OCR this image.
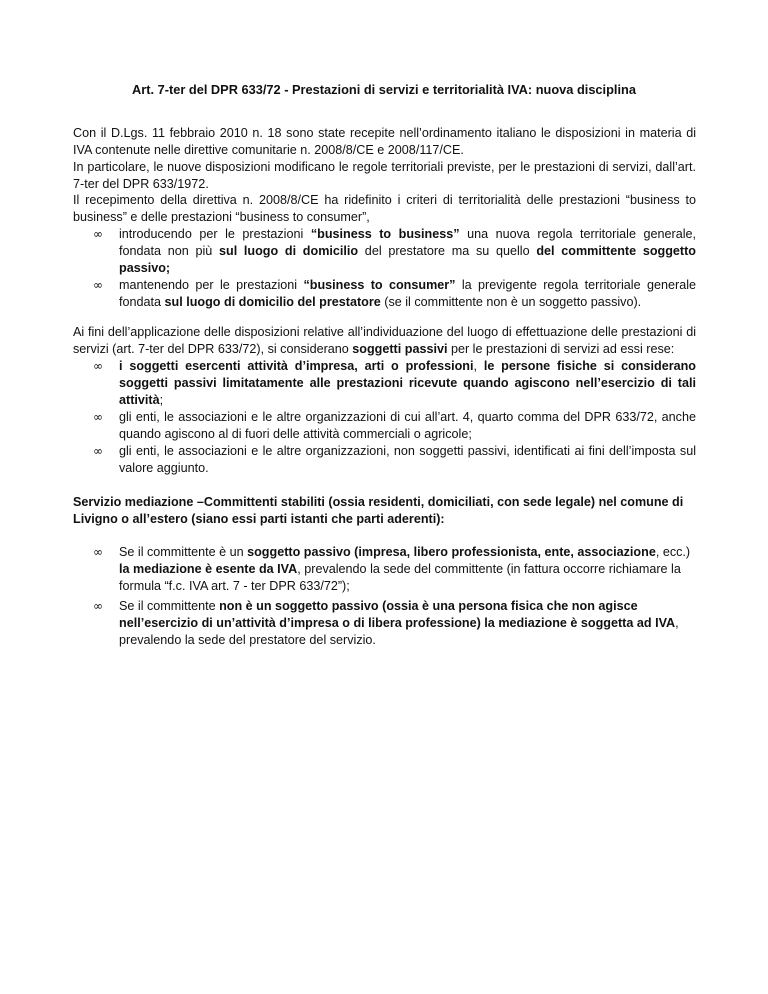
Art. 7-ter del DPR 633/72 - Prestazioni di servizi e territorialità IVA: nuova disciplina

Con il D.Lgs. 11 febbraio 2010 n. 18 sono state recepite nell’ordinamento italiano le disposizioni in materia di IVA contenute nelle direttive comunitarie n. 2008/8/CE e 2008/117/CE.

In particolare, le nuove disposizioni modificano le regole territoriali previste, per le prestazioni di servizi, dall’art. 7-ter del DPR 633/1972.

Il recepimento della direttiva n. 2008/8/CE ha ridefinito i criteri di territorialità delle prestazioni “business to business” e delle prestazioni “business to consumer”,

∞ introducendo per le prestazioni “business to business” una nuova regola territoriale generale, fondata non più sul luogo di domicilio del prestatore ma su quello del committente soggetto passivo;
∞ mantenendo per le prestazioni “business to consumer” la previgente regola territoriale generale fondata sul luogo di domicilio del prestatore (se il committente non è un soggetto passivo).

Ai fini dell’applicazione delle disposizioni relative all’individuazione del luogo di effettuazione delle prestazioni di servizi (art. 7-ter del DPR 633/72), si considerano soggetti passivi per le prestazioni di servizi ad essi rese:

∞ i soggetti esercenti attività d’impresa, arti o professioni, le persone fisiche si considerano soggetti passivi limitatamente alle prestazioni ricevute quando agiscono nell’esercizio di tali attività;
∞ gli enti, le associazioni e le altre organizzazioni di cui all’art. 4, quarto comma del DPR 633/72, anche quando agiscono al di fuori delle attività commerciali o agricole;
∞ gli enti, le associazioni e le altre organizzazioni, non soggetti passivi, identificati ai fini dell’imposta sul valore aggiunto.

Servizio mediazione –Committenti stabiliti (ossia residenti, domiciliati, con sede legale) nel comune di Livigno o all’estero (siano essi parti istanti che parti aderenti):

∞ Se il committente è un soggetto passivo (impresa, libero professionista, ente, associazione, ecc.) la mediazione è esente da IVA, prevalendo la sede del committente (in fattura occorre richiamare la formula “f.c. IVA art. 7 - ter DPR 633/72”);
∞ Se il committente non è un soggetto passivo (ossia è una persona fisica che non agisce nell’esercizio di un’attività d’impresa o di libera professione) la mediazione è soggetta ad IVA, prevalendo la sede del prestatore del servizio.
